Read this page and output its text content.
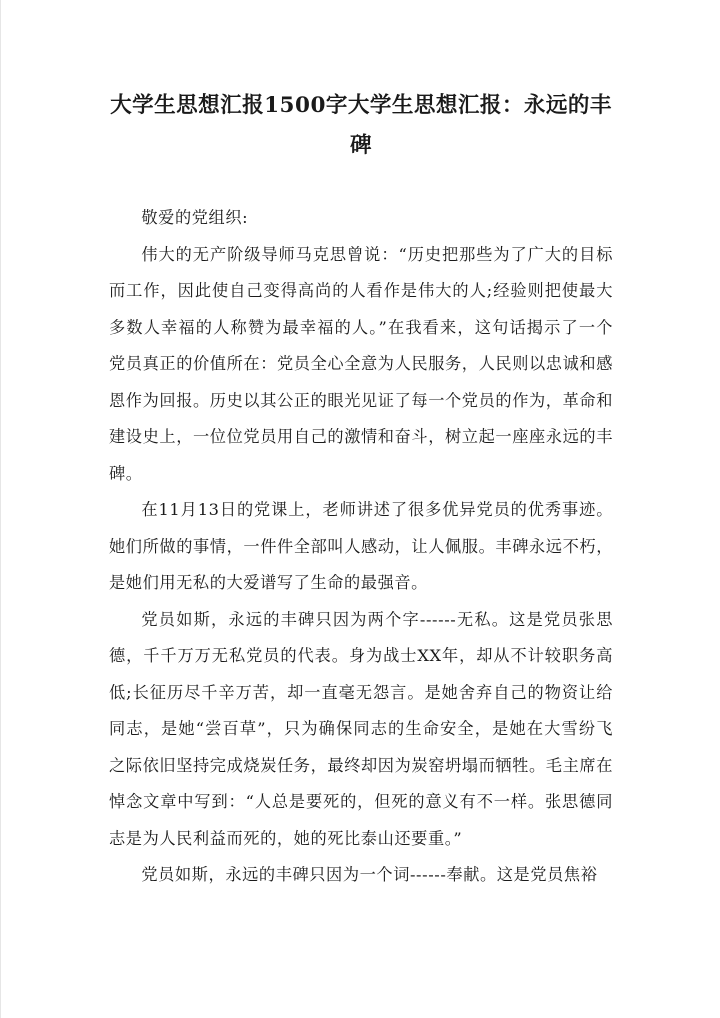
大学生思想汇报1500字大学生思想汇报：永远的丰碑

敬爱的党组织:

伟大的无产阶级导师马克思曾说：“历史把那些为了广大的目标而工作，因此使自己变得高尚的人看作是伟大的人;经验则把使最大多数人幸福的人称赞为最幸福的人。”在我看来，这句话揭示了一个党员真正的价值所在：党员全心全意为人民服务，人民则以忠诚和感恩作为回报。历史以其公正的眼光见证了每一个党员的作为，革命和建设史上，一位位党员用自己的激情和奋斗，树立起一座座永远的丰碑。

在11月13日的党课上，老师讲述了很多优异党员的优秀事迹。她们所做的事情，一件件全部叫人感动，让人佩服。丰碑永远不朽，是她们用无私的大爱谱写了生命的最强音。

党员如斯，永远的丰碑只因为两个字------无私。这是党员张思德，千千万万无私党员的代表。身为战士XX年，却从不计较职务高低;长征历尽千辛万苦，却一直毫无怨言。是她舍弃自己的物资让给同志，是她“尝百草”，只为确保同志的生命安全，是她在大雪纷飞之际依旧坚持完成烧炭任务，最终却因为炭窑坍塌而牺牲。毛主席在悼念文章中写到：“人总是要死的，但死的意义有不一样。张思德同志是为人民利益而死的，她的死比泰山还要重。”

党员如斯，永远的丰碑只因为一个词------奉献。这是党员焦裕
